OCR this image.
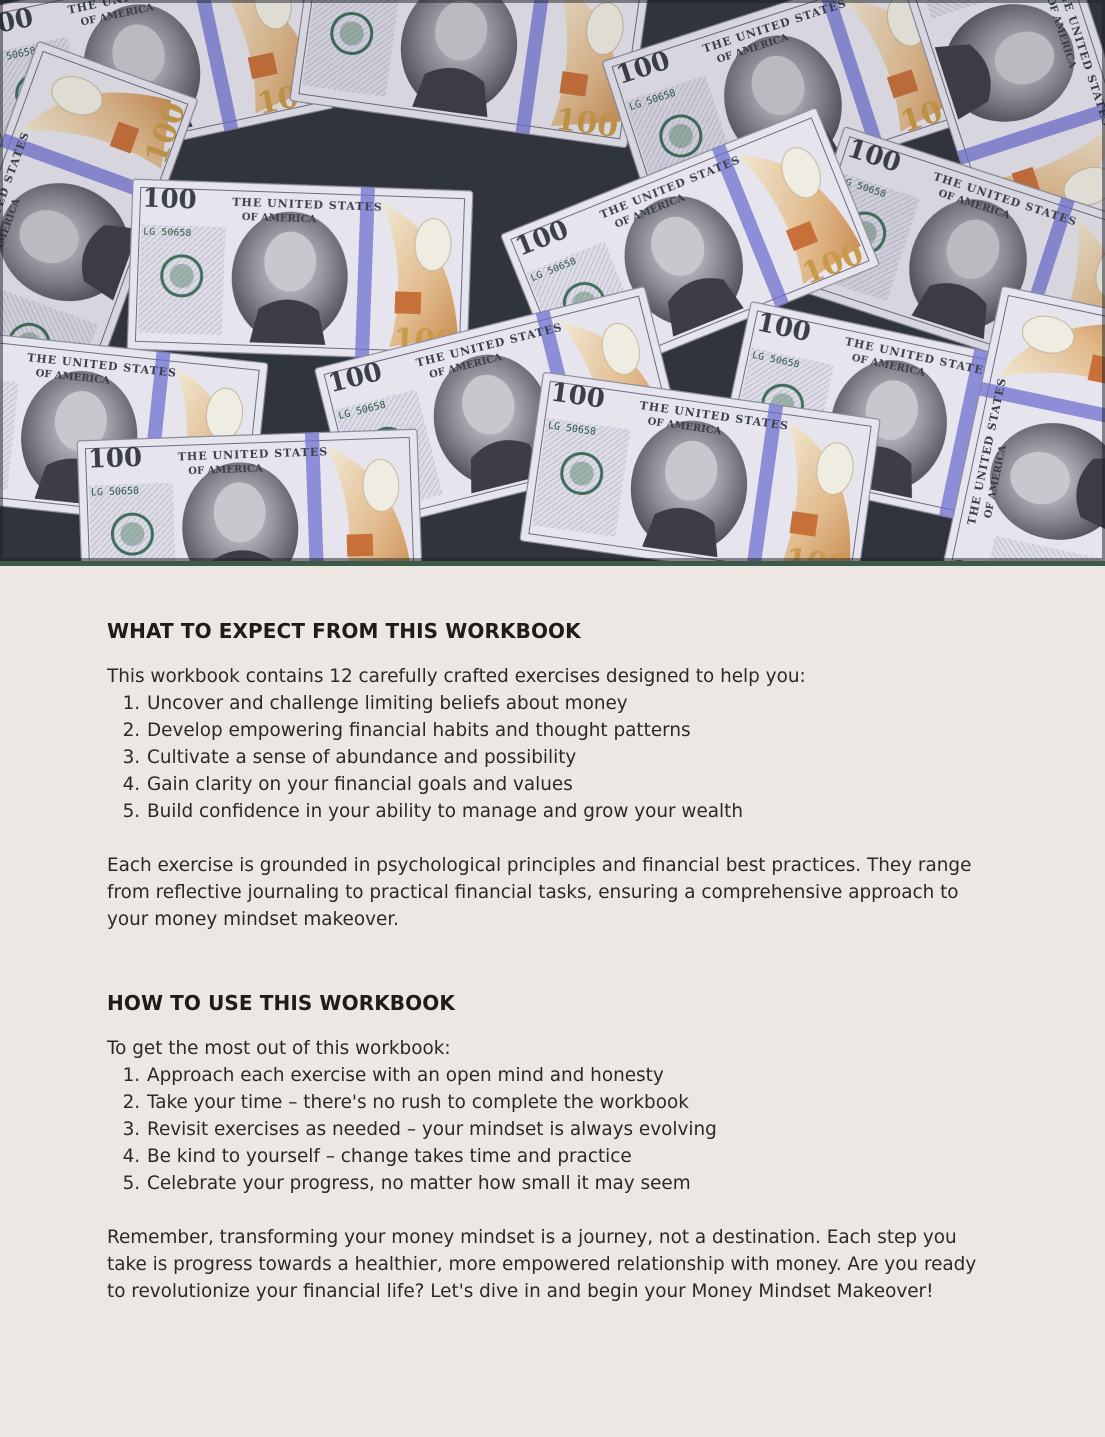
WHAT TO EXPECT FROM THIS WORKBOOK

This workbook contains 12 carefully crafted exercises designed to help you:

1. Uncover and challenge limiting beliefs about money
2. Develop empowering financial habits and thought patterns
3. Cultivate a sense of abundance and possibility
4. Gain clarity on your financial goals and values
5. Build confidence in your ability to manage and grow your wealth

Each exercise is grounded in psychological principles and financial best practices. They range from reflective journaling to practical financial tasks, ensuring a comprehensive approach to your money mindset makeover.

HOW TO USE THIS WORKBOOK

To get the most out of this workbook:

1. Approach each exercise with an open mind and honesty
2. Take your time – there's no rush to complete the workbook
3. Revisit exercises as needed – your mindset is always evolving
4. Be kind to yourself – change takes time and practice
5. Celebrate your progress, no matter how small it may seem

Remember, transforming your money mindset is a journey, not a destination. Each step you take is progress towards a healthier, more empowered relationship with money. Are you ready to revolutionize your financial life? Let's dive in and begin your Money Mindset Makeover!
